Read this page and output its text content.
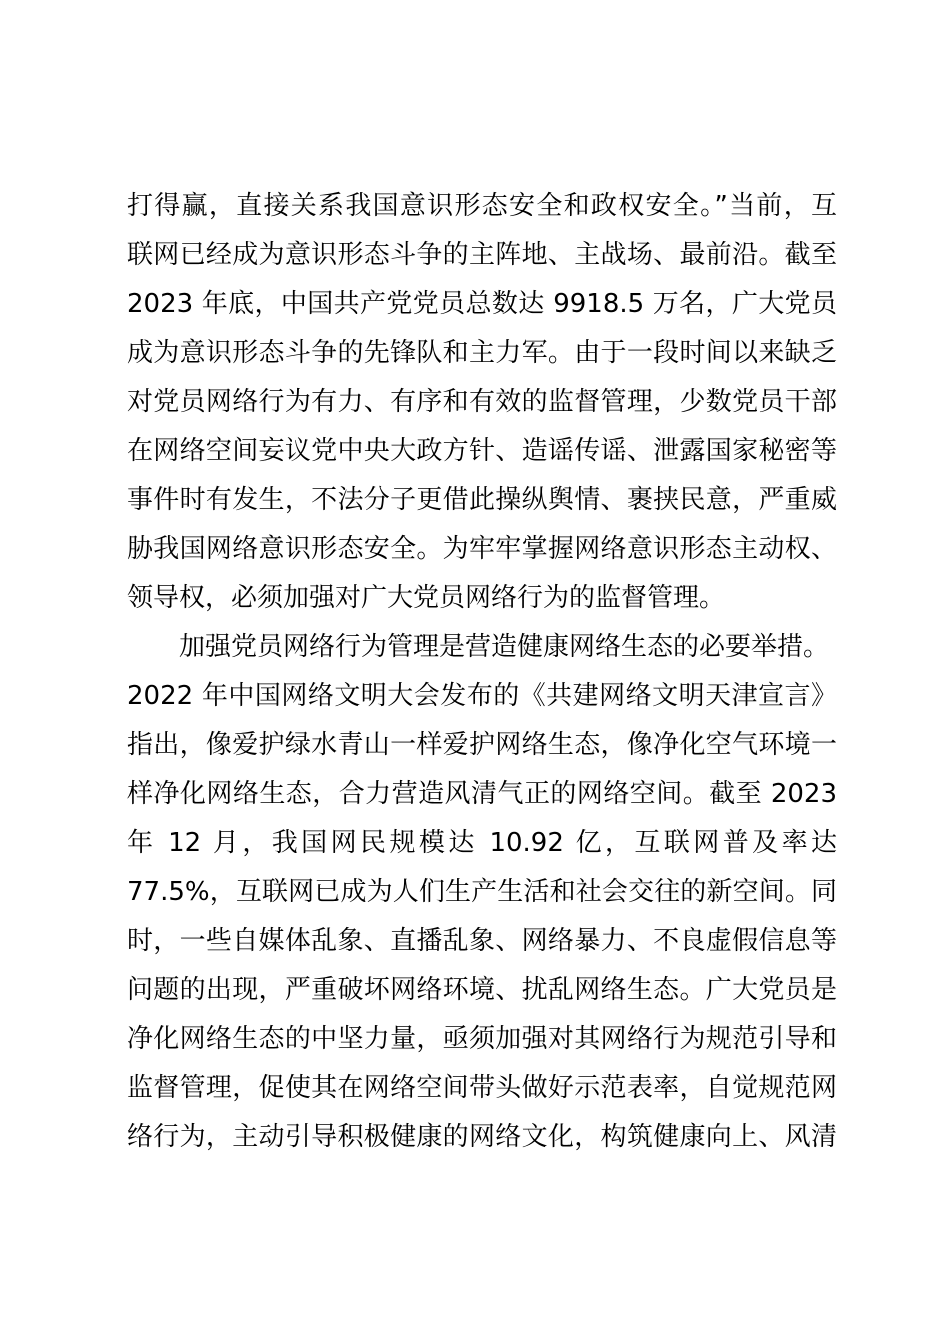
打得赢，直接关系我国意识形态安全和政权安全。”当前，互
联网已经成为意识形态斗争的主阵地、主战场、最前沿。截至
2023 年底，中国共产党党员总数达 9918.5 万名，广大党员
成为意识形态斗争的先锋队和主力军。由于一段时间以来缺乏
对党员网络行为有力、有序和有效的监督管理，少数党员干部
在网络空间妄议党中央大政方针、造谣传谣、泄露国家秘密等
事件时有发生，不法分子更借此操纵舆情、裹挟民意，严重威
胁我国网络意识形态安全。为牢牢掌握网络意识形态主动权、
领导权，必须加强对广大党员网络行为的监督管理。
加强党员网络行为管理是营造健康网络生态的必要举措。
2022 年中国网络文明大会发布的《共建网络文明天津宣言》
指出，像爱护绿水青山一样爱护网络生态，像净化空气环境一
样净化网络生态，合力营造风清气正的网络空间。截至 2023
年 12 月，我国网民规模达 10.92 亿，互联网普及率达
77.5%，互联网已成为人们生产生活和社会交往的新空间。同
时，一些自媒体乱象、直播乱象、网络暴力、不良虚假信息等
问题的出现，严重破坏网络环境、扰乱网络生态。广大党员是
净化网络生态的中坚力量，亟须加强对其网络行为规范引导和
监督管理，促使其在网络空间带头做好示范表率，自觉规范网
络行为，主动引导积极健康的网络文化，构筑健康向上、风清
